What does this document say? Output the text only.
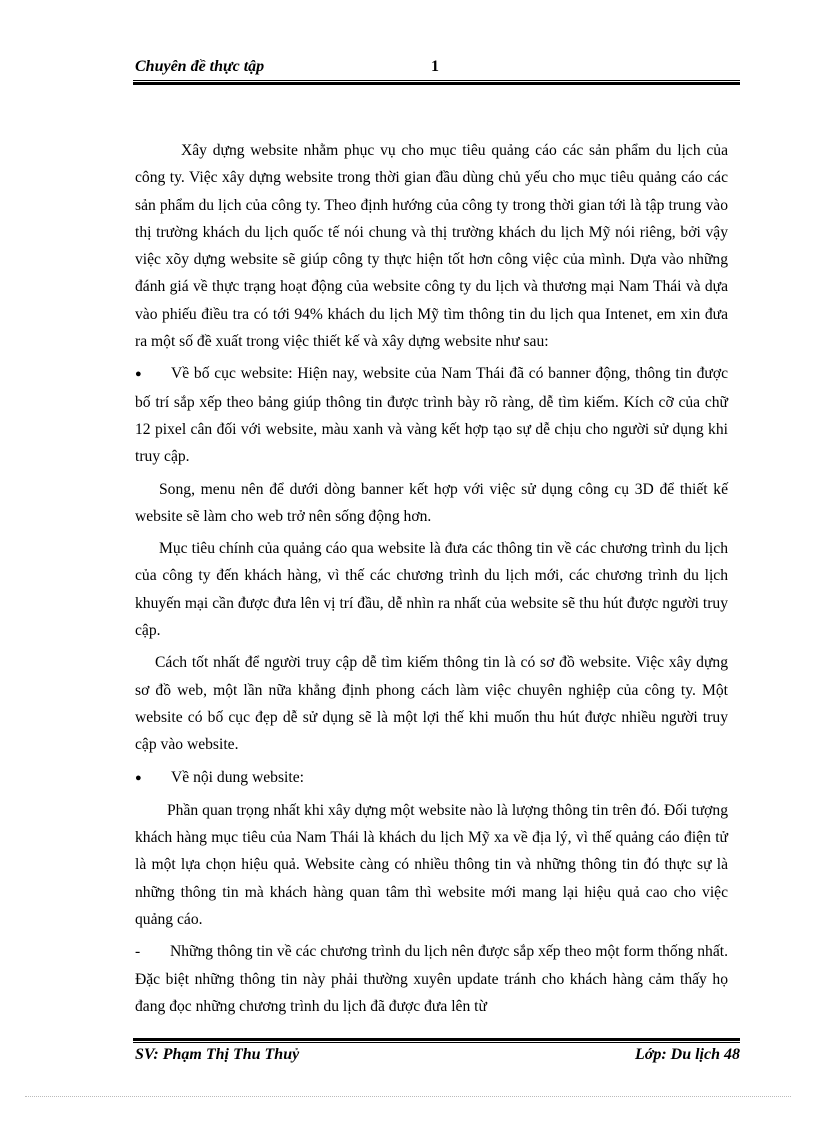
Chuyên đề thực tập	1

Xây dựng website nhằm phục vụ cho mục tiêu quảng cáo các sản phẩm du lịch của công ty. Việc xây dựng website trong thời gian đầu dùng chủ yếu cho mục tiêu quảng cáo các sản phẩm du lịch của công ty. Theo định hướng của công ty trong thời gian tới là tập trung vào thị trường khách du lịch quốc tế nói chung và thị trường khách du lịch Mỹ nói riêng, bởi vậy việc xõy dựng website sẽ giúp công ty thực hiện tốt hơn công việc của mình. Dựa vào những đánh giá về thực trạng hoạt động của website công ty du lịch và thương mại Nam Thái và dựa vào phiếu điều tra có tới 94% khách du lịch Mỹ tìm thông tin du lịch qua Intenet, em xin đưa ra một số đề xuất trong việc thiết kế và xây dựng website như sau:

● Về bố cục website: Hiện nay, website của Nam Thái đã có banner động, thông tin được bố trí sắp xếp theo bảng giúp thông tin được trình bày rõ ràng, dễ tìm kiếm. Kích cỡ của chữ 12 pixel cân đối với website, màu xanh và vàng kết hợp tạo sự dễ chịu cho người sử dụng khi truy cập.

Song, menu nên để dưới dòng banner kết hợp với việc sử dụng công cụ 3D để thiết kế website sẽ làm cho web trở nên sống động hơn.

Mục tiêu chính của quảng cáo qua website là đưa các thông tin về các chương trình du lịch của công ty đến khách hàng, vì thế các chương trình du lịch mới, các chương trình du lịch khuyến mại cần được đưa lên vị trí đầu, dễ nhìn ra nhất của website sẽ thu hút được người truy cập.

Cách tốt nhất để người truy cập dễ tìm kiếm thông tin là có sơ đồ website. Việc xây dựng sơ đồ web, một lần nữa khẳng định phong cách làm việc chuyên nghiệp của công ty. Một website có bố cục đẹp dễ sử dụng sẽ là một lợi thế khi muốn thu hút được nhiều người truy cập vào website.

● Về nội dung website:

Phần quan trọng nhất khi xây dựng một website nào là lượng thông tin trên đó. Đối tượng khách hàng mục tiêu của Nam Thái là khách du lịch Mỹ xa về địa lý, vì thế quảng cáo điện tử là một lựa chọn hiệu quả. Website càng có nhiều thông tin và những thông tin đó thực sự là những thông tin mà khách hàng quan tâm thì website mới mang lại hiệu quả cao cho việc quảng cáo.

- Những thông tin về các chương trình du lịch nên được sắp xếp theo một form thống nhất. Đặc biệt những thông tin này phải thường xuyên update tránh cho khách hàng cảm thấy họ đang đọc những chương trình du lịch đã được đưa lên từ

SV: Phạm Thị Thu Thuỷ	Lớp: Du lịch 48
